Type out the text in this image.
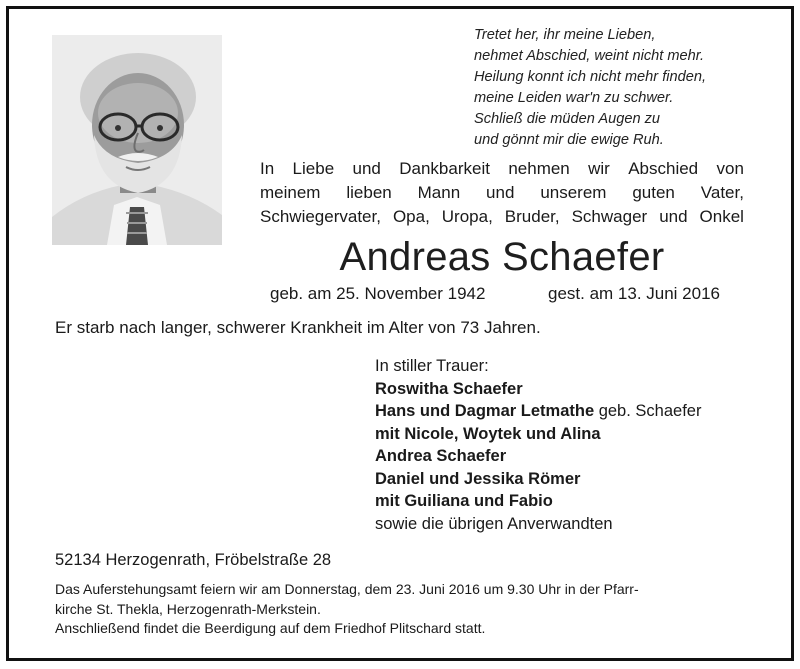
Tretet her, ihr meine Lieben,
nehmet Abschied, weint nicht mehr.
Heilung konnt ich nicht mehr finden,
meine Leiden war'n zu schwer.
Schließ die müden Augen zu
und gönnt mir die ewige Ruh.
In Liebe und Dankbarkeit nehmen wir Abschied von
meinem lieben Mann und unserem guten Vater,
Schwiegervater, Opa, Uropa, Bruder, Schwager und Onkel
Andreas Schaefer
geb. am 25. November 1942	gest. am 13. Juni 2016
Er starb nach langer, schwerer Krankheit im Alter von 73 Jahren.
In stiller Trauer:
Roswitha Schaefer
Hans und Dagmar Letmathe geb. Schaefer
mit Nicole, Woytek und Alina
Andrea Schaefer
Daniel und Jessika Römer
mit Guiliana und Fabio
sowie die übrigen Anverwandten
52134 Herzogenrath, Fröbelstraße 28
Das Auferstehungsamt feiern wir am Donnerstag, dem 23. Juni 2016 um 9.30 Uhr in der Pfarr-
kirche St. Thekla, Herzogenrath-Merkstein.
Anschließend findet die Beerdigung auf dem Friedhof Plitschard statt.
